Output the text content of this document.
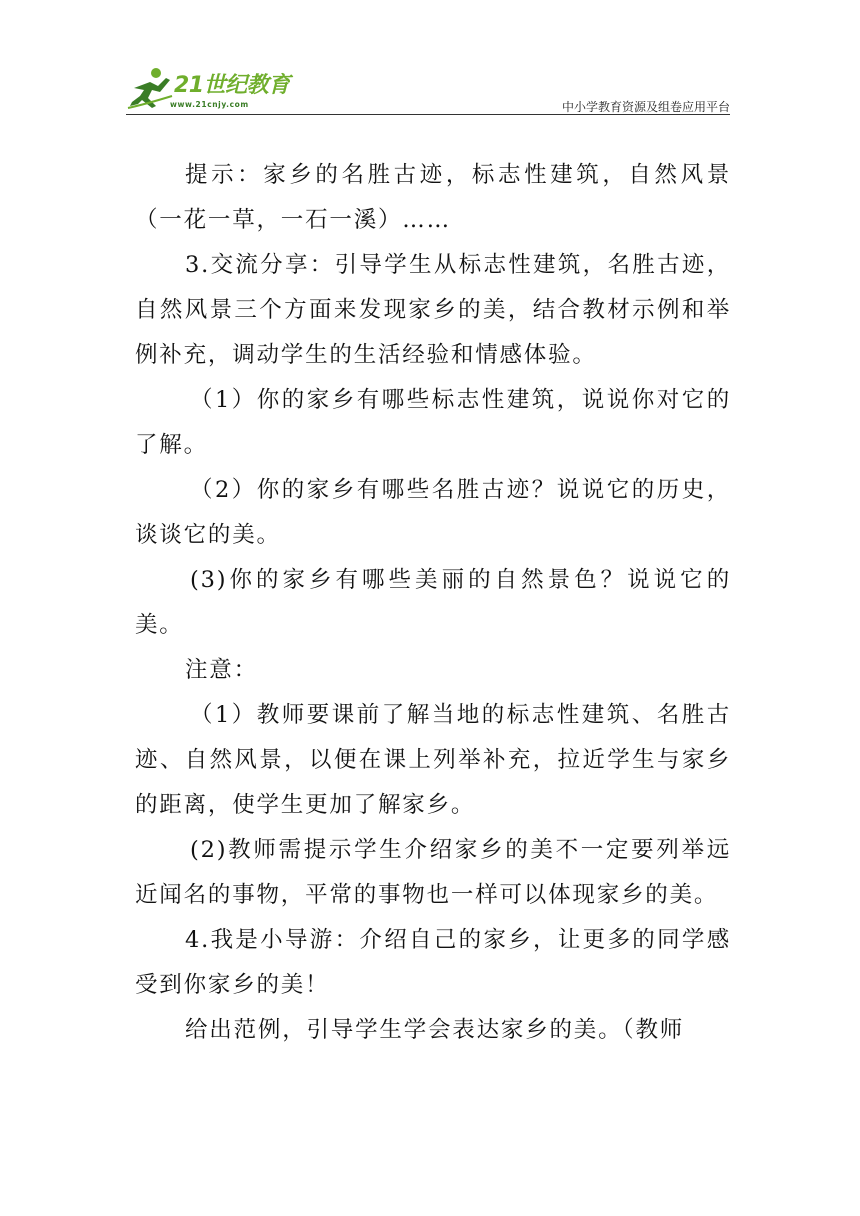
21世纪教育
www.21cnjy.com	中小学教育资源及组卷应用平台

提示：家乡的名胜古迹，标志性建筑，自然风景（一花一草，一石一溪）……

3.交流分享：引导学生从标志性建筑，名胜古迹，自然风景三个方面来发现家乡的美，结合教材示例和举例补充，调动学生的生活经验和情感体验。

（1）你的家乡有哪些标志性建筑，说说你对它的了解。

（2）你的家乡有哪些名胜古迹？说说它的历史，谈谈它的美。

(3)你的家乡有哪些美丽的自然景色？说说它的美。

注意：

（1）教师要课前了解当地的标志性建筑、名胜古迹、自然风景，以便在课上列举补充，拉近学生与家乡的距离，使学生更加了解家乡。

(2)教师需提示学生介绍家乡的美不一定要列举远近闻名的事物，平常的事物也一样可以体现家乡的美。

4.我是小导游：介绍自己的家乡，让更多的同学感受到你家乡的美！

给出范例，引导学生学会表达家乡的美。（教师
